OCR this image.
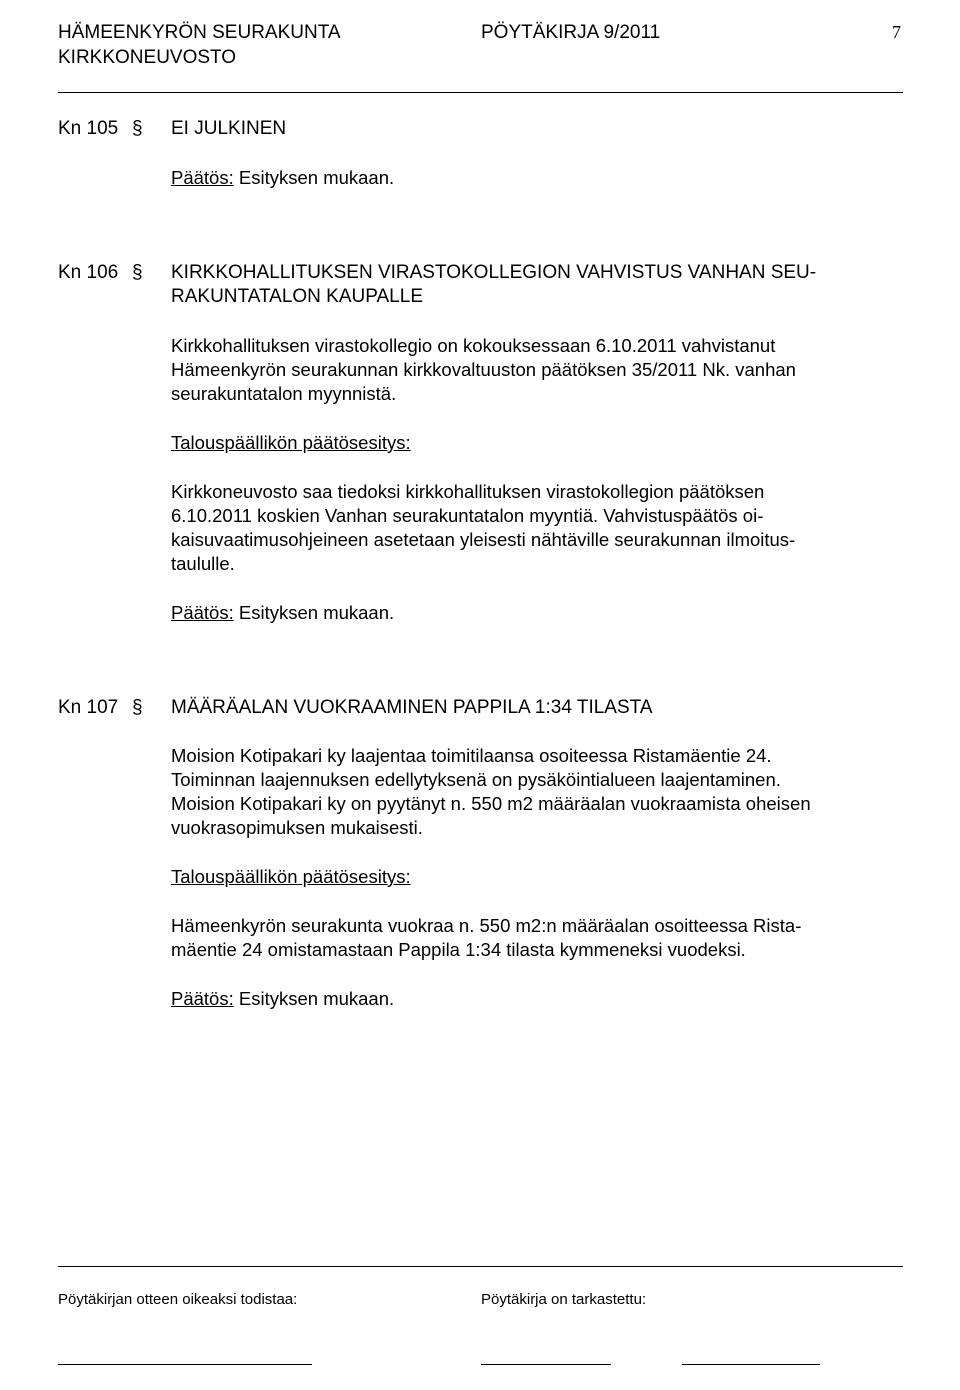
HÄMEENKYRÖN SEURAKUNTA
KIRKKONEUVOSTO
PÖYTÄKIRJA 9/2011	7
Kn 105 § EI JULKINEN
Päätös: Esityksen mukaan.
Kn 106 § KIRKKOHALLITUKSEN VIRASTOKOLLEGION VAHVISTUS VANHAN SEU-
RAKUNTATALON KAUPALLE
Kirkkohallituksen virastokollegio on kokouksessaan 6.10.2011 vahvistanut
Hämeenkyrön seurakunnan kirkkovaltuuston päätöksen 35/2011 Nk. vanhan
seurakuntatalon myynnistä.
Talouspäällikön päätösesitys:
Kirkkoneuvosto saa tiedoksi kirkkohallituksen virastokollegion päätöksen
6.10.2011 koskien Vanhan seurakuntatalon myyntiä. Vahvistuspäätös oi-
kaisuvaatimusohjeineen asetetaan yleisesti nähtäville seurakunnan ilmoitus-
taululle.
Päätös: Esityksen mukaan.
Kn 107 § MÄÄRÄALAN VUOKRAAMINEN PAPPILA 1:34 TILASTA
Moision Kotipakari ky laajentaa toimitilaansa osoiteessa Ristamäentie 24.
Toiminnan laajennuksen edellytyksenä on pysäköintialueen laajentaminen.
Moision Kotipakari ky on pyytänyt n. 550 m2 määräalan vuokraamista oheisen
vuokrasopimuksen mukaisesti.
Talouspäällikön päätösesitys:
Hämeenkyrön seurakunta vuokraa n. 550 m2:n määräalan osoitteessa Rista-
mäentie 24 omistamastaan Pappila 1:34 tilasta kymmeneksi vuodeksi.
Päätös: Esityksen mukaan.
Pöytäkirjan otteen oikeaksi todistaa:	Pöytäkirja on tarkastettu:
